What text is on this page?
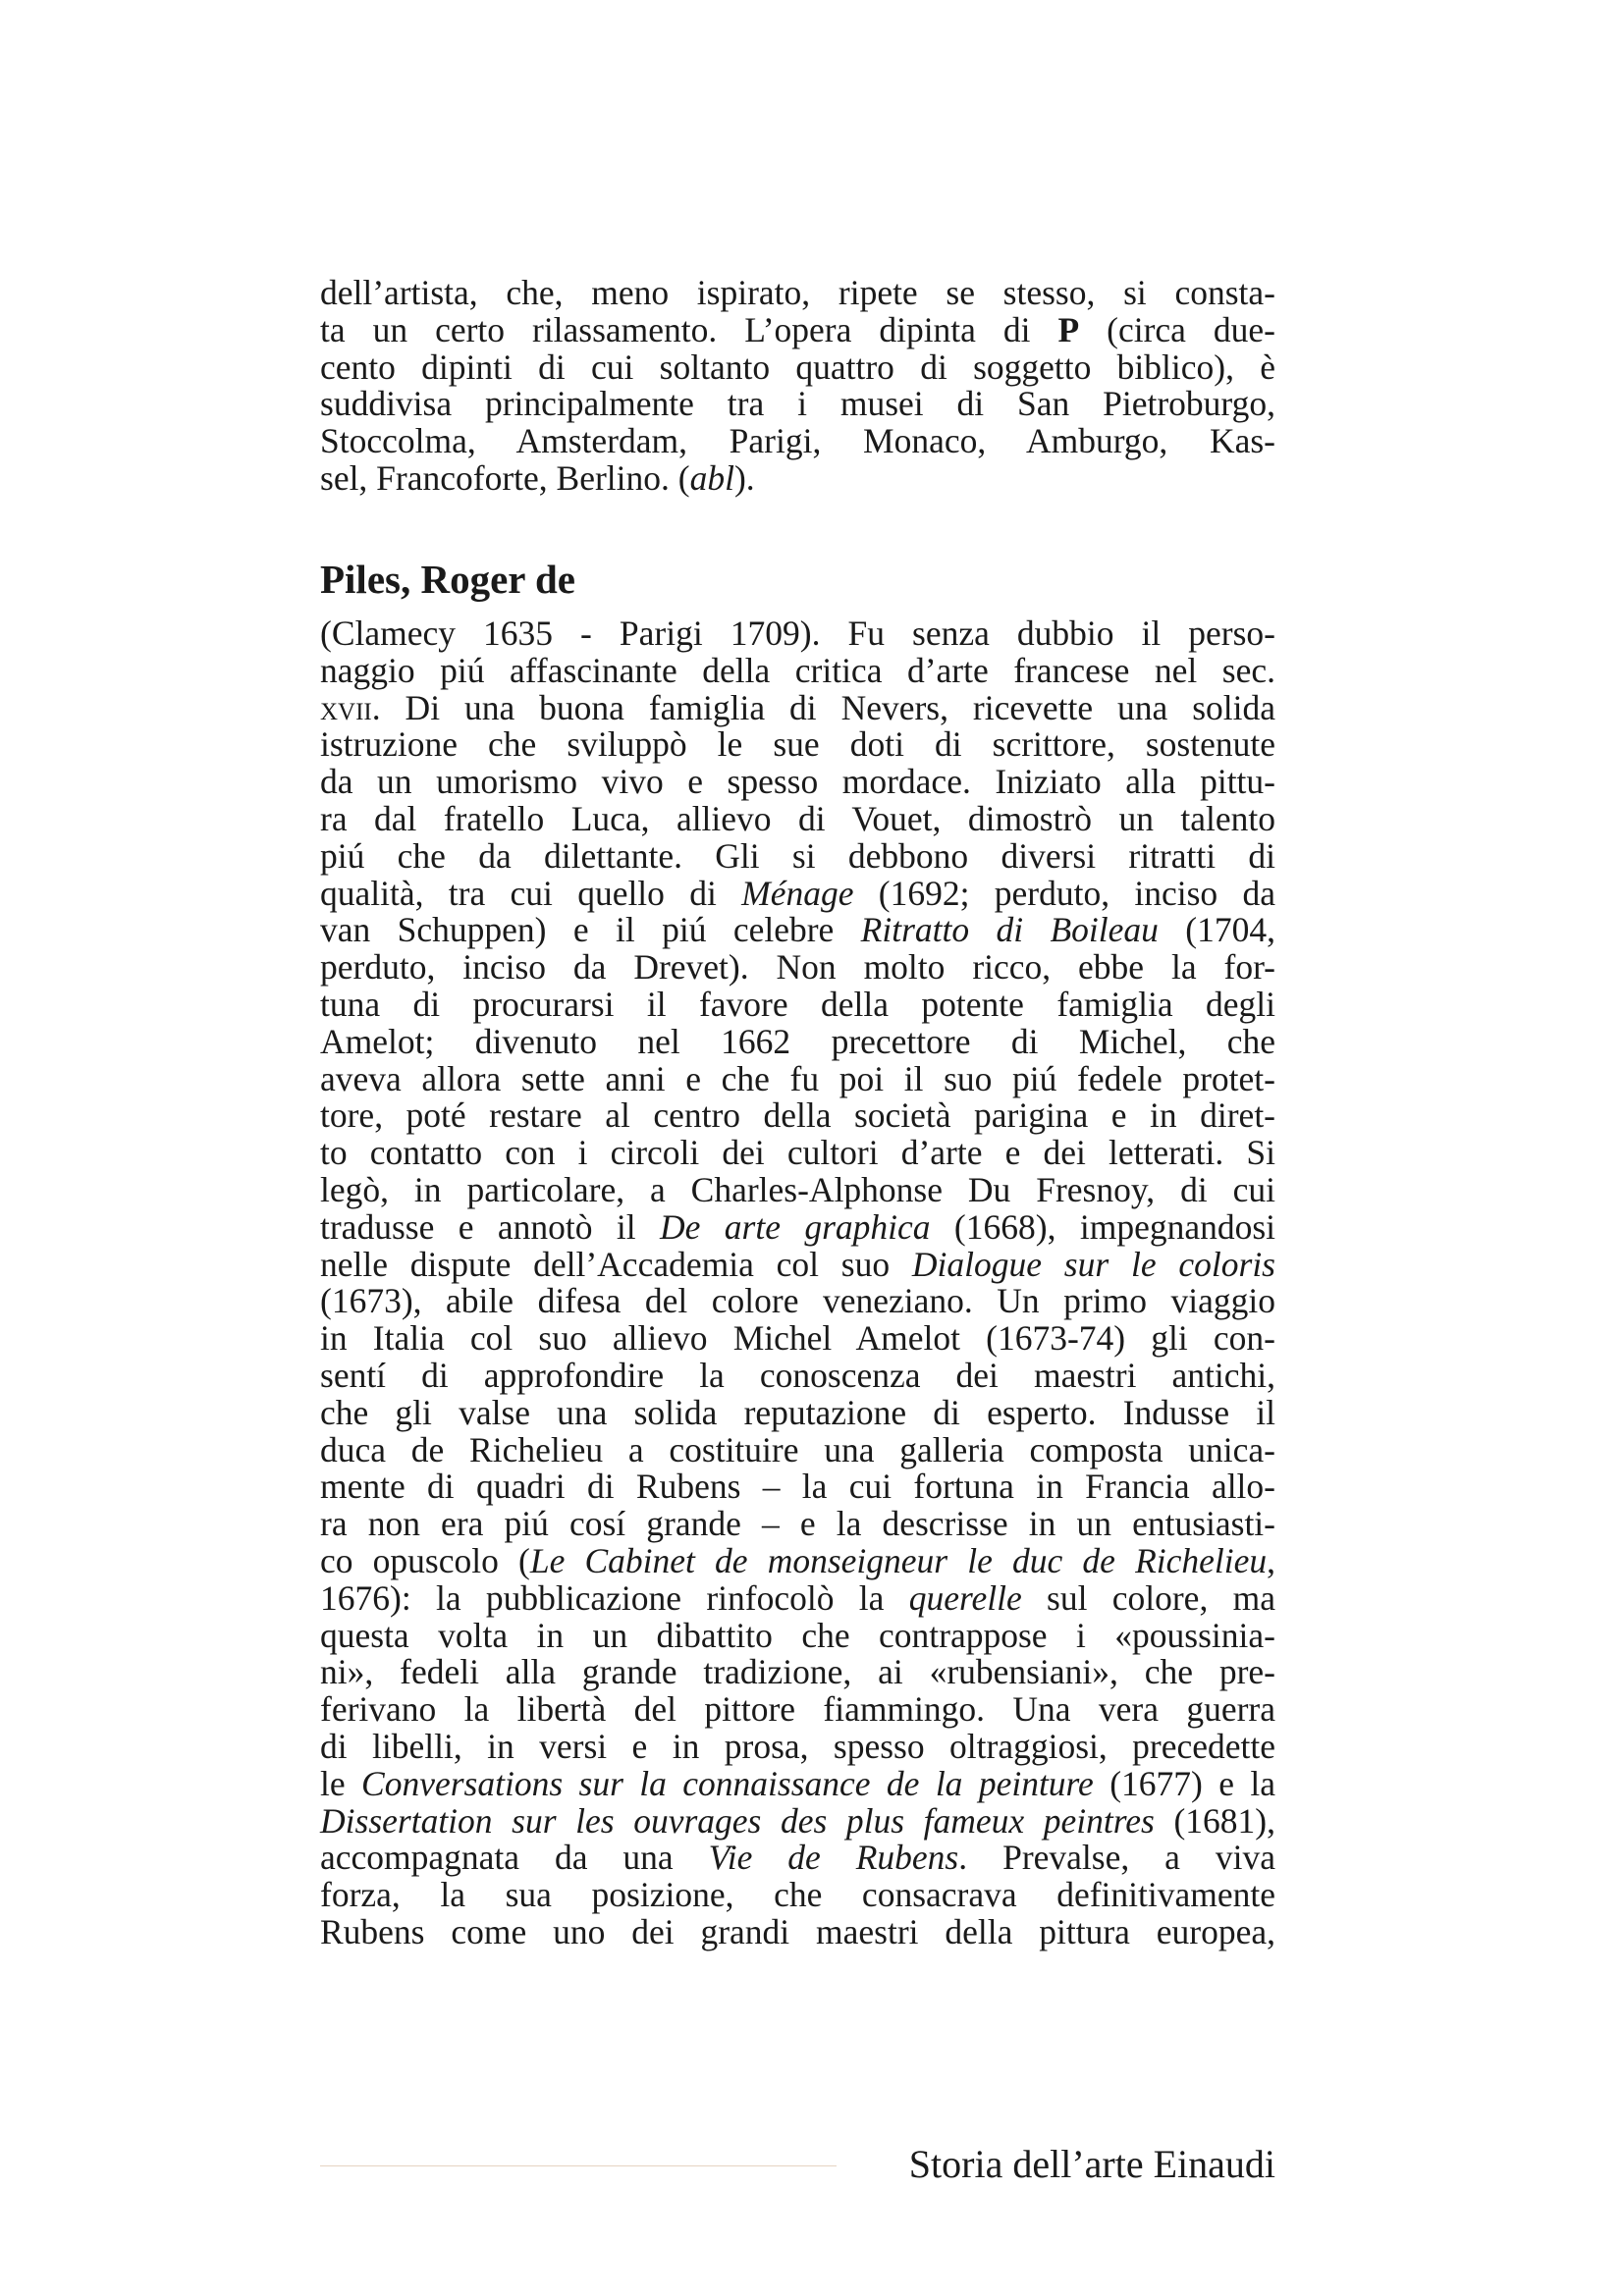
dell’artista, che, meno ispirato, ripete se stesso, si consta-
ta un certo rilassamento. L’opera dipinta di P (circa due-
cento dipinti di cui soltanto quattro di soggetto biblico), è
suddivisa principalmente tra i musei di San Pietroburgo,
Stoccolma, Amsterdam, Parigi, Monaco, Amburgo, Kas-
sel, Francoforte, Berlino. (abl).

Piles, Roger de

(Clamecy 1635 - Parigi 1709). Fu senza dubbio il perso-
naggio piú affascinante della critica d’arte francese nel sec.
xvii. Di una buona famiglia di Nevers, ricevette una solida
istruzione che sviluppò le sue doti di scrittore, sostenute
da un umorismo vivo e spesso mordace. Iniziato alla pittu-
ra dal fratello Luca, allievo di Vouet, dimostrò un talento
piú che da dilettante. Gli si debbono diversi ritratti di
qualità, tra cui quello di Ménage (1692; perduto, inciso da
van Schuppen) e il piú celebre Ritratto di Boileau (1704,
perduto, inciso da Drevet). Non molto ricco, ebbe la for-
tuna di procurarsi il favore della potente famiglia degli
Amelot; divenuto nel 1662 precettore di Michel, che
aveva allora sette anni e che fu poi il suo piú fedele protet-
tore, poté restare al centro della società parigina e in diret-
to contatto con i circoli dei cultori d’arte e dei letterati. Si
legò, in particolare, a Charles-Alphonse Du Fresnoy, di cui
tradusse e annotò il De arte graphica (1668), impegnandosi
nelle dispute dell’Accademia col suo Dialogue sur le coloris
(1673), abile difesa del colore veneziano. Un primo viaggio
in Italia col suo allievo Michel Amelot (1673-74) gli con-
sentí di approfondire la conoscenza dei maestri antichi,
che gli valse una solida reputazione di esperto. Indusse il
duca de Richelieu a costituire una galleria composta unica-
mente di quadri di Rubens – la cui fortuna in Francia allo-
ra non era piú cosí grande – e la descrisse in un entusiasti-
co opuscolo (Le Cabinet de monseigneur le duc de Richelieu,
1676): la pubblicazione rinfocolò la querelle sul colore, ma
questa volta in un dibattito che contrappose i «poussinia-
ni», fedeli alla grande tradizione, ai «rubensiani», che pre-
ferivano la libertà del pittore fiammingo. Una vera guerra
di libelli, in versi e in prosa, spesso oltraggiosi, precedette
le Conversations sur la connaissance de la peinture (1677) e la
Dissertation sur les ouvrages des plus fameux peintres (1681),
accompagnata da una Vie de Rubens. Prevalse, a viva
forza, la sua posizione, che consacrava definitivamente
Rubens come uno dei grandi maestri della pittura europea,

Storia dell’arte Einaudi
